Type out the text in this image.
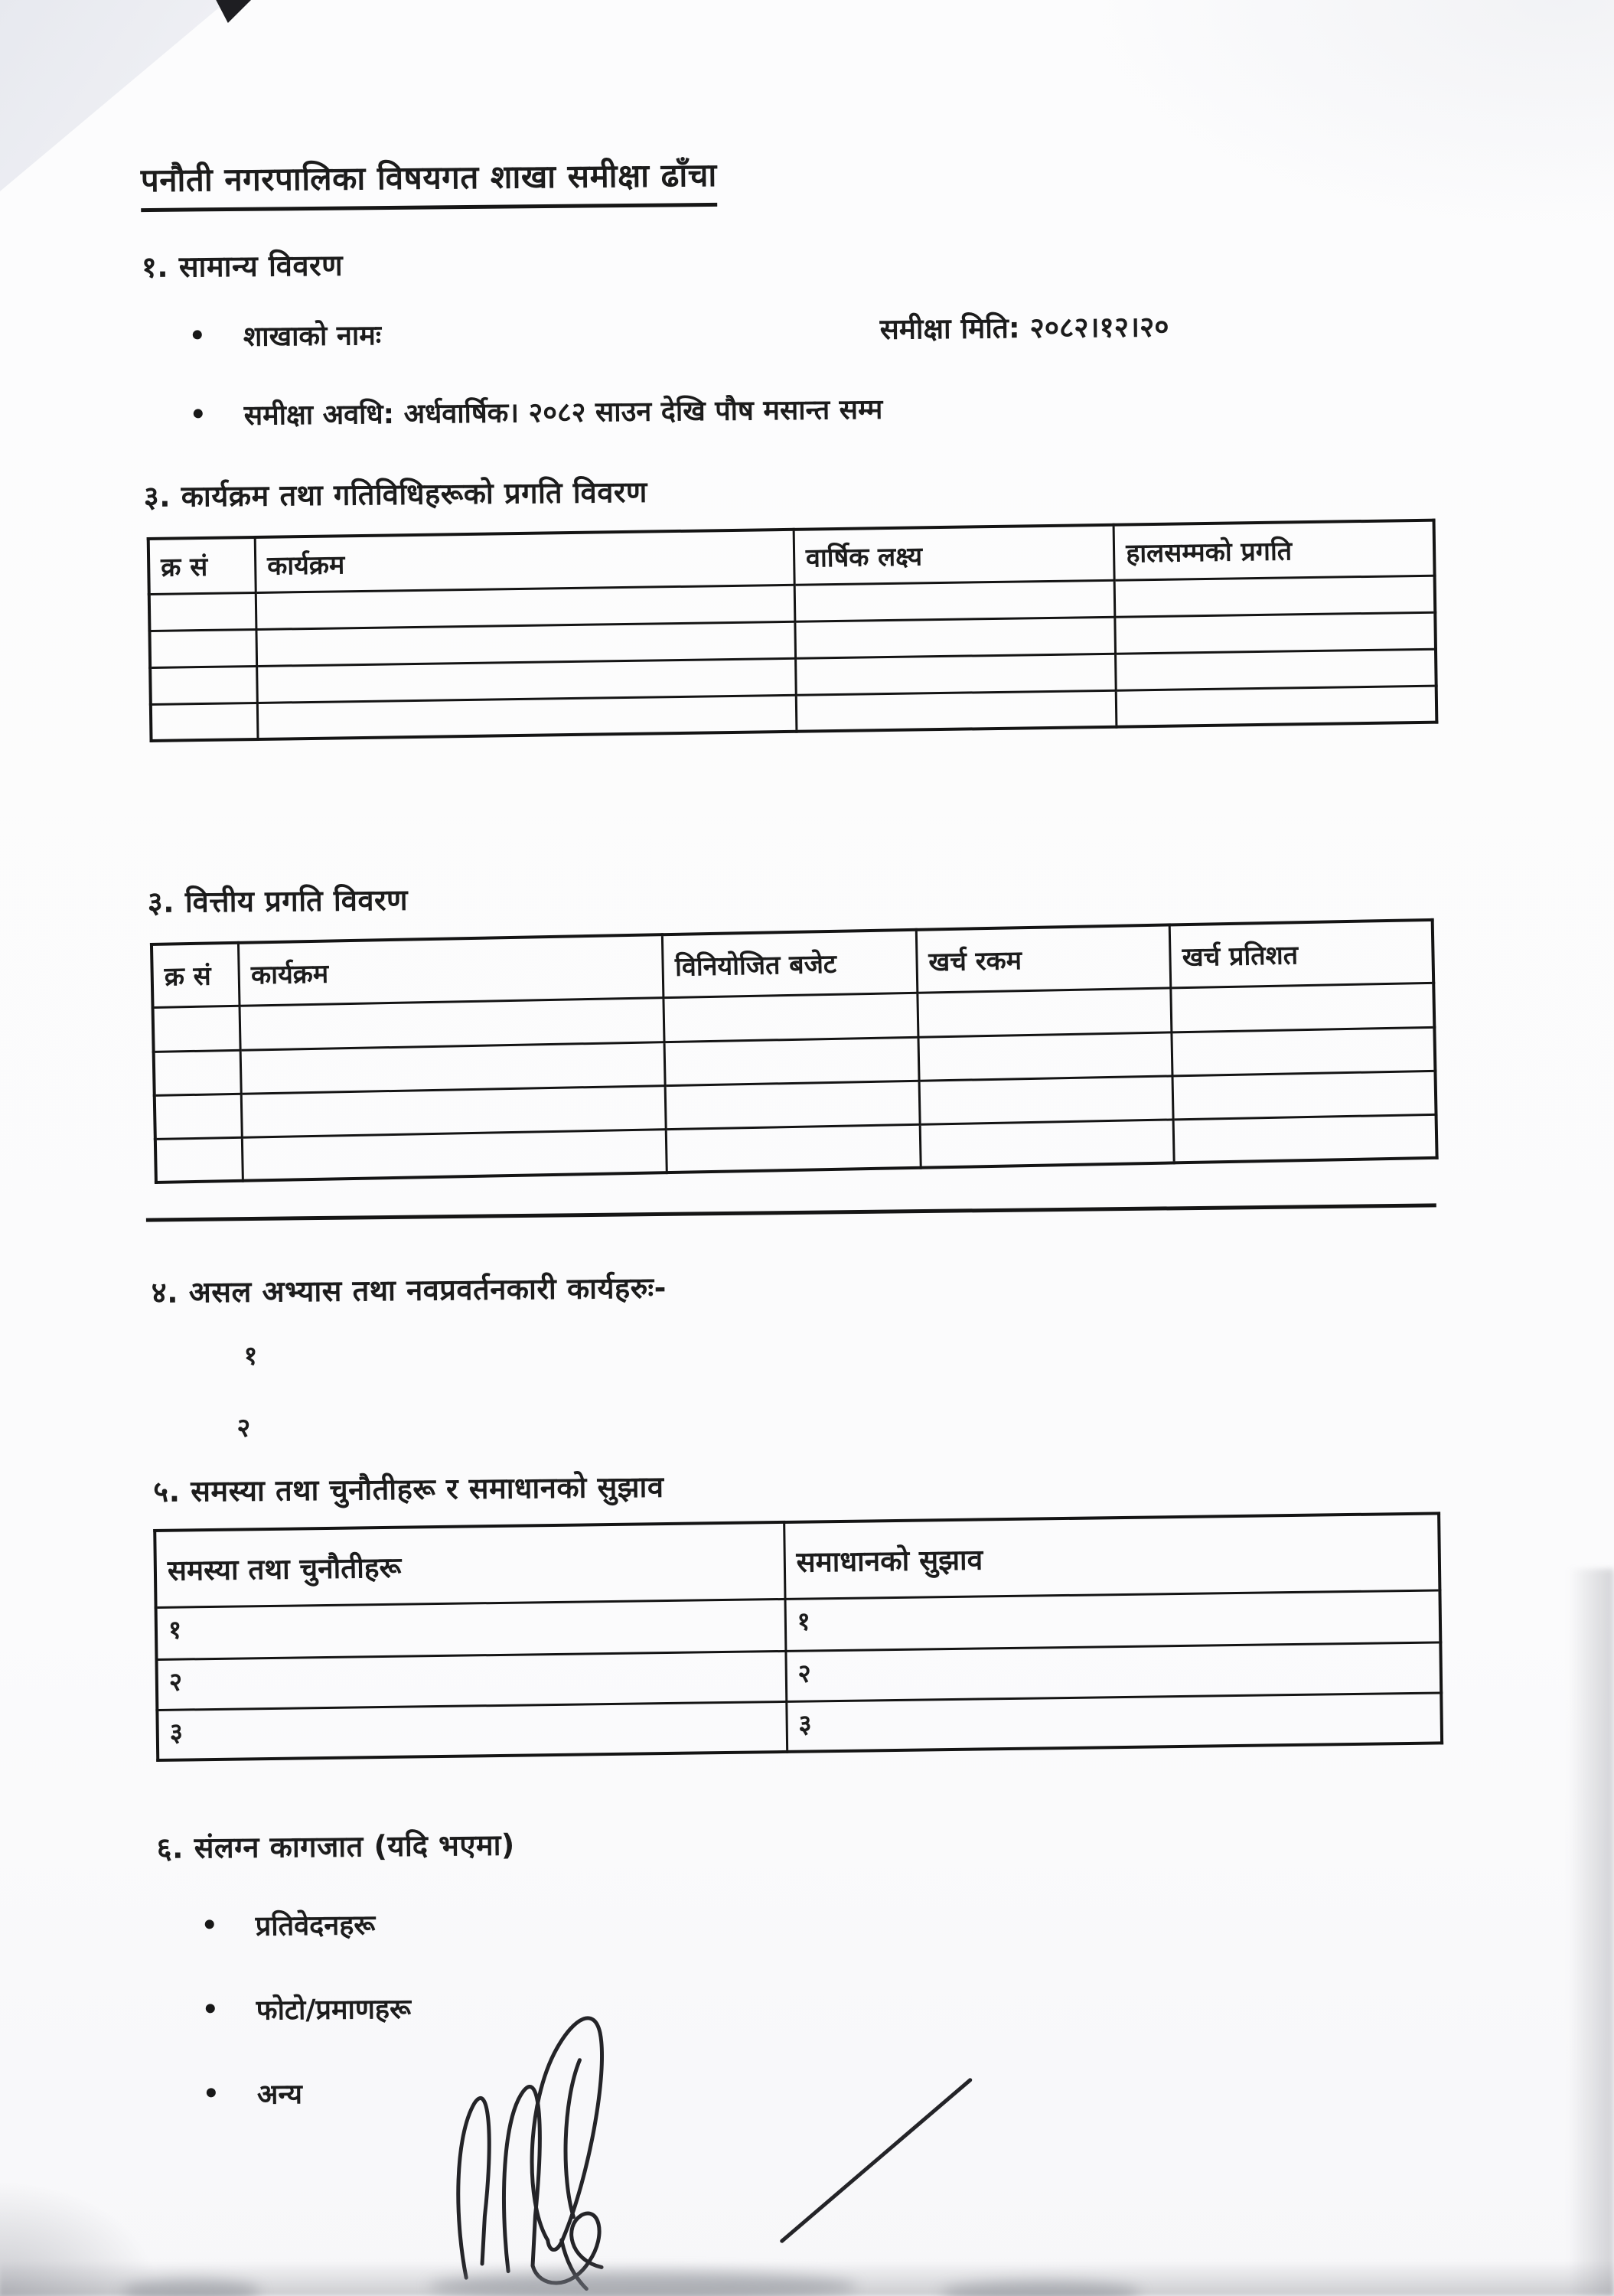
पनौती नगरपालिका विषयगत शाखा समीक्षा ढाँचा
१. सामान्य विवरण
शाखाको नामः	समीक्षा मिति: २०८२।१२।२०
समीक्षा अवधि: अर्धवार्षिक। २०८२ साउन देखि पौष मसान्त सम्म
३. कार्यक्रम तथा गतिविधिहरूको प्रगति विवरण
क्र सं	कार्यक्रम	वार्षिक लक्ष्य	हालसम्मको प्रगति

३. वित्तीय प्रगति विवरण
क्र सं	कार्यक्रम	विनियोजित बजेट	खर्च रकम	खर्च प्रतिशत

४. असल अभ्यास तथा नवप्रवर्तनकारी कार्यहरुः-
१
२
५. समस्या तथा चुनौतीहरू र समाधानको सुझाव
समस्या तथा चुनौतीहरू	समाधानको सुझाव
१	१
२	२
३	३
६. संलग्न कागजात (यदि भएमा)
प्रतिवेदनहरू
फोटो/प्रमाणहरू
अन्य
